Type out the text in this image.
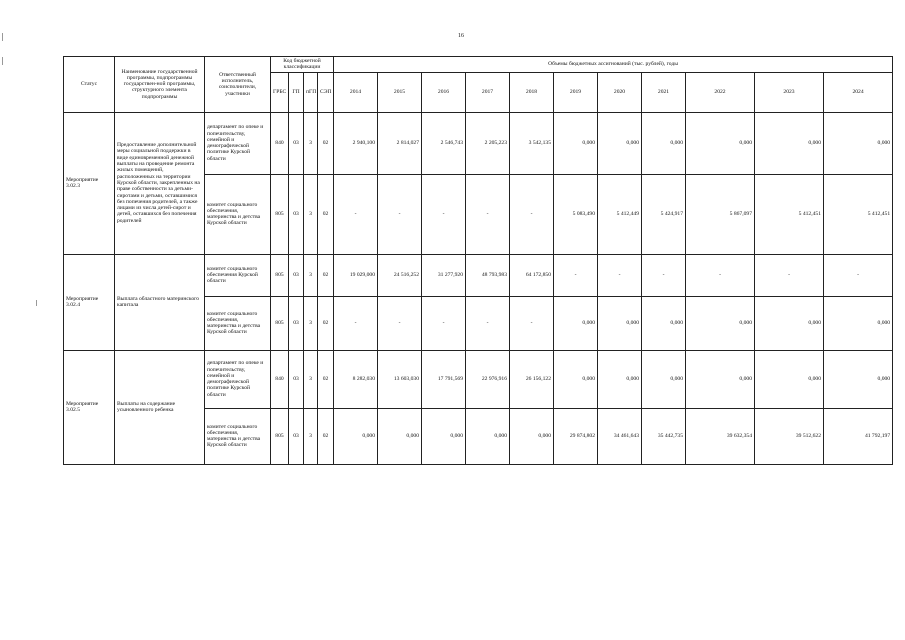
16
Статус	Наименование государственной программы, подпрограммы государствен-ной программы, структурного элемента подпрограммы	Ответственный исполнитель, соисполнители, участники	Код бюджетной классификации				Объемы бюджетных ассигнований (тыс. рублей), годы										
			ГРБС	ГП	пГП	СЭП	2014	2015	2016	2017	2018	2019	2020	2021	2022	2023	2024
Мероприятие 3.02.3	Предоставление дополнительной меры социальной поддержки в виде единовременной денежной выплаты на проведение ремонта жилых помещений, расположенных на территории Курской области, закрепленных на праве собственности за детьми-сиротами и детьми, оставшимися без попечения родителей, а также лицами из числа детей-сирот и детей, оставшихся без попечения родителей	департамент по опеке и попечительству, семейной и демографической политике Курской области	840	03	3	02	2 940,100	2 814,027	2 546,743	2 205,223	3 542,135	0,000	0,000	0,000	0,000	0,000	0,000
		комитет социального обеспечения, материнства и детства Курской области	805	03	3	02	-	-	-	-	-	5 083,490	5 412,449	5 424,917	5 867,097	5 412,451	5 412,451
Мероприятие 3.02.4	Выплата областного материнского капитала	комитет социального обеспечения Курской области	805	03	3	02	19 029,000	24 516,252	31 277,920	48 793,983	64 172,850	-	-	-	-	-	-
		комитет социального обеспечения, материнства и детства Курской области	805	03	3	02	-	-	-	-	-	0,000	0,000	0,000	0,000	0,000	0,000
Мероприятие 3.02.5	Выплаты на содержание усыновленного ребенка	департамент по опеке и попечительству, семейной и демографической политике Курской области	840	03	3	02	8 282,030	13 603,030	17 791,569	22 976,916	26 156,122	0,000	0,000	0,000	0,000	0,000	0,000
		комитет социального обеспечения, материнства и детства Курской области	805	03	3	02	0,000	0,000	0,000	0,000	0,000	29 874,802	34 461,643	35 442,735	39 632,354	39 512,622	41 792,197
